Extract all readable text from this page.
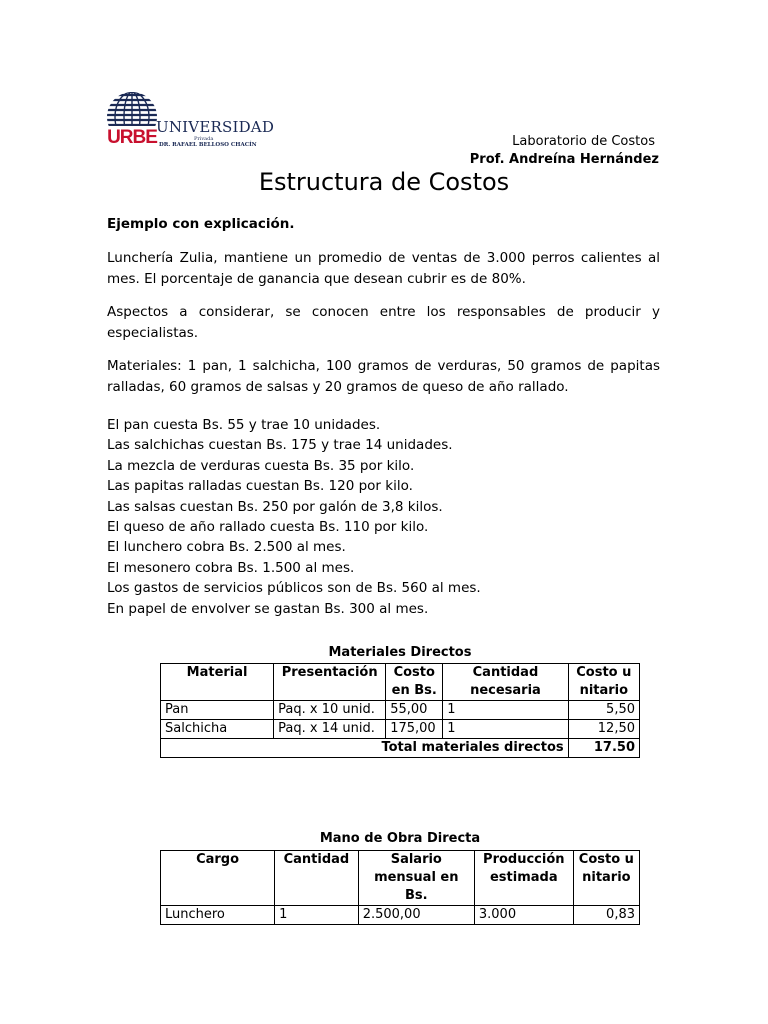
URBE UNIVERSIDAD
Privada
DR. RAFAEL BELLOSO CHACÍN	Laboratorio de Costos
Prof. Andreína Hernández
Estructura de Costos
Ejemplo con explicación.
Lunchería Zulia, mantiene un promedio de ventas de 3.000 perros calientes al mes. El porcentaje de ganancia que desean cubrir es de 80%.
Aspectos a considerar, se conocen entre los responsables de producir y especialistas.
Materiales: 1 pan, 1 salchicha, 100 gramos de verduras, 50 gramos de papitas ralladas, 60 gramos de salsas y 20 gramos de queso de año rallado.
El pan cuesta Bs. 55 y trae 10 unidades.
Las salchichas cuestan Bs. 175 y trae 14 unidades.
La mezcla de verduras cuesta Bs. 35 por kilo.
Las papitas ralladas cuestan Bs. 120 por kilo.
Las salsas cuestan Bs. 250 por galón de 3,8 kilos.
El queso de año rallado cuesta Bs. 110 por kilo.
El lunchero cobra Bs. 2.500 al mes.
El mesonero cobra Bs. 1.500 al mes.
Los gastos de servicios públicos son de Bs. 560 al mes.
En papel de envolver se gastan Bs. 300 al mes.
Materiales Directos
Material	Presentación	Costo en Bs.	Cantidad necesaria	Costo unitario
Pan	Paq. x 10 unid.	55,00	1	5,50
Salchicha	Paq. x 14 unid.	175,00	1	12,50
Total materiales directos				17.50
Mano de Obra Directa
Cargo	Cantidad	Salario mensual en Bs.	Producción estimada	Costo unitario
Lunchero	1	2.500,00	3.000	0,83
